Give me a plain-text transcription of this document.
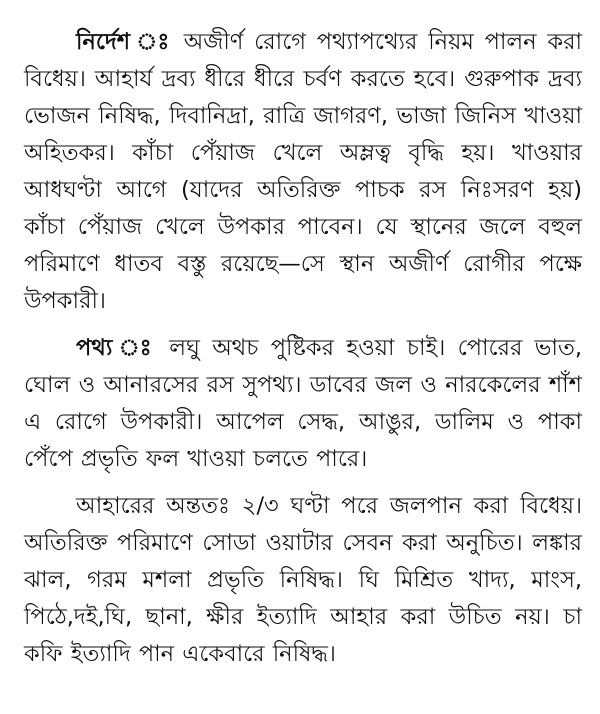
নির্দেশ ঃ অজীর্ণ রোগে পথ্যাপথ্যের নিয়ম পালন করা বিধেয়। আহার্য দ্রব্য ধীরে ধীরে চর্বণ করতে হবে। গুরুপাক দ্রব্য ভোজন নিষিদ্ধ, দিবানিদ্রা, রাত্রি জাগরণ, ভাজা জিনিস খাওয়া অহিতকর। কাঁচা পেঁয়াজ খেলে অম্লত্ব বৃদ্ধি হয়। খাওয়ার আধঘণ্টা আগে (যাদের অতিরিক্ত পাচক রস নিঃসরণ হয়) কাঁচা পেঁয়াজ খেলে উপকার পাবেন। যে স্থানের জলে বহুল পরিমাণে ধাতব বস্তু রয়েছে—সে স্থান অজীর্ণ রোগীর পক্ষে উপকারী।

পথ্য ঃ লঘু অথচ পুষ্টিকর হওয়া চাই। পোরের ভাত, ঘোল ও আনারসের রস সুপথ্য। ডাবের জল ও নারকেলের শাঁশ এ রোগে উপকারী। আপেল সেদ্ধ, আঙুর, ডালিম ও পাকা পেঁপে প্রভৃতি ফল খাওয়া চলতে পারে।

আহারের অন্ততঃ ২/৩ ঘণ্টা পরে জলপান করা বিধেয়। অতিরিক্ত পরিমাণে সোডা ওয়াটার সেবন করা অনুচিত। লঙ্কার ঝাল, গরম মশলা প্রভৃতি নিষিদ্ধ। ঘি মিশ্রিত খাদ্য, মাংস, পিঠে,দই,ঘি, ছানা, ক্ষীর ইত্যাদি আহার করা উচিত নয়। চা কফি ইত্যাদি পান একেবারে নিষিদ্ধ।
